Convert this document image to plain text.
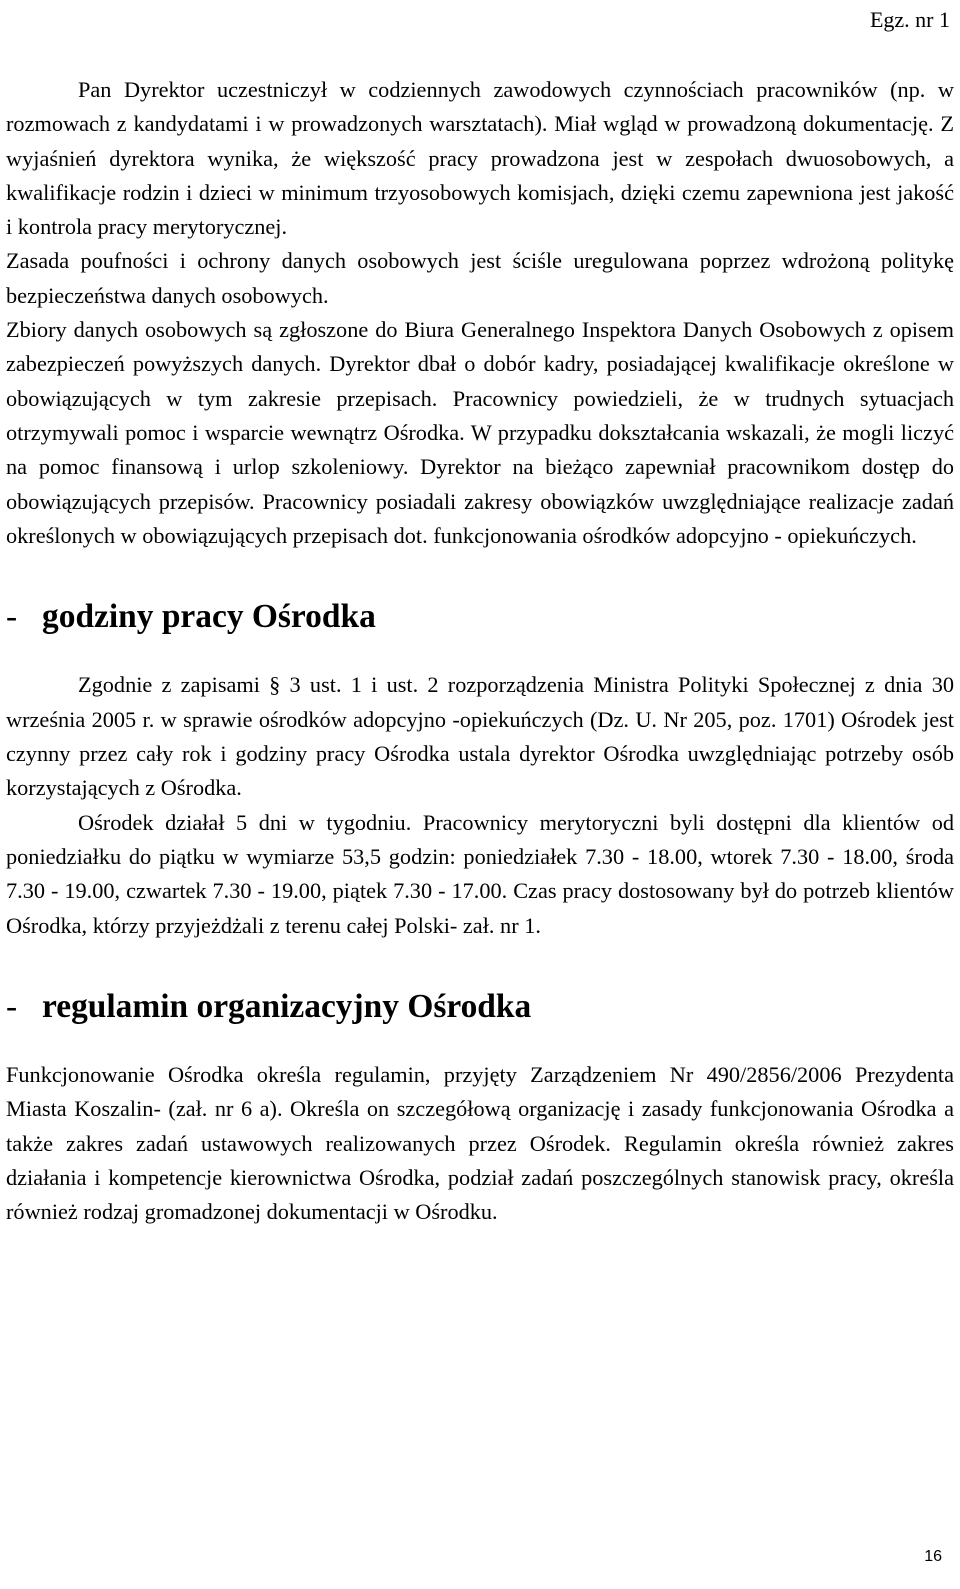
Egz. nr 1

Pan Dyrektor uczestniczył w codziennych zawodowych czynnościach pracowników (np. w rozmowach z kandydatami i w prowadzonych warsztatach). Miał wgląd w prowadzoną dokumentację. Z wyjaśnień dyrektora wynika, że większość pracy prowadzona jest w zespołach dwuosobowych, a kwalifikacje rodzin i dzieci w minimum trzyosobowych komisjach, dzięki czemu zapewniona jest jakość i kontrola pracy merytorycznej.

Zasada poufności i ochrony danych osobowych jest ściśle uregulowana poprzez wdrożoną politykę bezpieczeństwa danych osobowych.

Zbiory danych osobowych są zgłoszone do Biura Generalnego Inspektora Danych Osobowych z opisem zabezpieczeń powyższych danych. Dyrektor dbał o dobór kadry, posiadającej kwalifikacje określone w obowiązujących w tym zakresie przepisach. Pracownicy powiedzieli, że w trudnych sytuacjach otrzymywali pomoc i wsparcie wewnątrz Ośrodka. W przypadku dokształcania wskazali, że mogli liczyć na pomoc finansową i urlop szkoleniowy. Dyrektor na bieżąco zapewniał pracownikom dostęp do obowiązujących przepisów. Pracownicy posiadali zakresy obowiązków uwzględniające realizacje zadań określonych w obowiązujących przepisach dot. funkcjonowania ośrodków adopcyjno - opiekuńczych.

- godziny pracy Ośrodka

Zgodnie z zapisami § 3 ust. 1 i ust. 2 rozporządzenia Ministra Polityki Społecznej z dnia 30 września 2005 r. w sprawie ośrodków adopcyjno -opiekuńczych (Dz. U. Nr 205, poz. 1701) Ośrodek jest czynny przez cały rok i godziny pracy Ośrodka ustala dyrektor Ośrodka uwzględniając potrzeby osób korzystających z Ośrodka.

Ośrodek działał 5 dni w tygodniu. Pracownicy merytoryczni byli dostępni dla klientów od poniedziałku do piątku w wymiarze 53,5 godzin: poniedziałek 7.30 - 18.00, wtorek 7.30 - 18.00, środa 7.30 - 19.00, czwartek 7.30 - 19.00, piątek 7.30 - 17.00. Czas pracy dostosowany był do potrzeb klientów Ośrodka, którzy przyjeżdżali z terenu całej Polski- zał. nr 1.

- regulamin organizacyjny Ośrodka

Funkcjonowanie Ośrodka określa regulamin, przyjęty Zarządzeniem Nr 490/2856/2006 Prezydenta Miasta Koszalin- (zał. nr 6 a). Określa on szczegółową organizację i zasady funkcjonowania Ośrodka a także zakres zadań ustawowych realizowanych przez Ośrodek. Regulamin określa również zakres działania i kompetencje kierownictwa Ośrodka, podział zadań poszczególnych stanowisk pracy, określa również rodzaj gromadzonej dokumentacji w Ośrodku.

16
